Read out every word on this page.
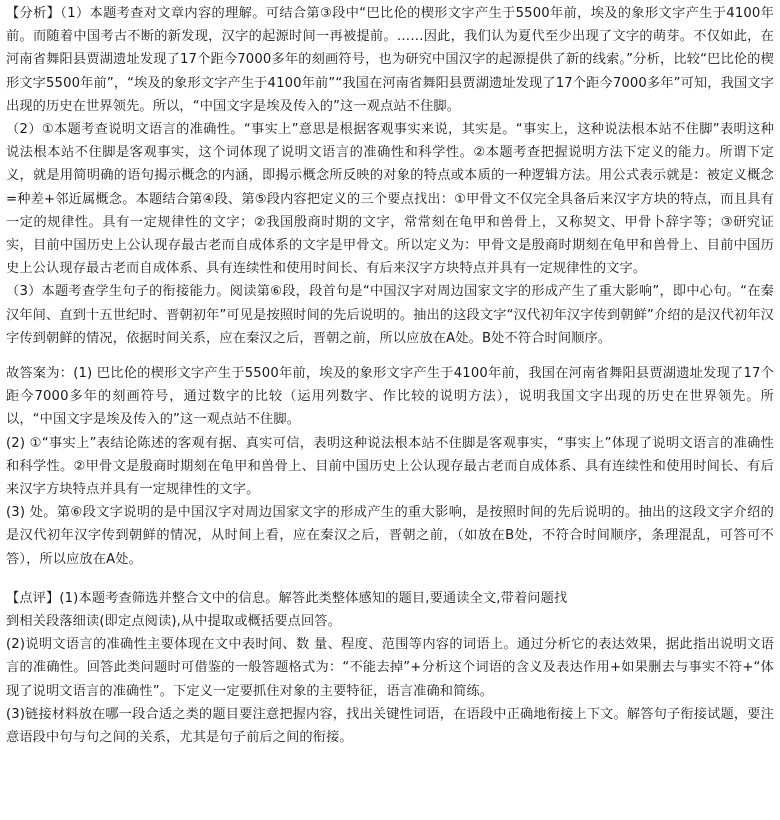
【分析】（1）本题考查对文章内容的理解。可结合第③段中“巴比伦的楔形文字产生于5500年前，埃及的象形文字产生于4100年前。而随着中国考古不断的新发现，汉字的起源时间一再被提前。……因此，我们认为夏代至少出现了文字的萌芽。不仅如此，在河南省舞阳县贾湖遗址发现了17个距今7000多年的刻画符号，也为研究中国汉字的起源提供了新的线索。”分析，比较“巴比伦的楔形文字5500年前”，“埃及的象形文字产生于4100年前”“我国在河南省舞阳县贾湖遗址发现了17个距今7000多年”可知，我国文字出现的历史在世界领先。所以，“中国文字是埃及传入的”这一观点站不住脚。

（2）①本题考查说明文语言的准确性。“事实上”意思是根据客观事实来说，其实是。“事实上，这种说法根本站不住脚”表明这种说法根本站不住脚是客观事实，这个词体现了说明文语言的准确性和科学性。②本题考查把握说明方法下定义的能力。所谓下定义，就是用简明确的语句揭示概念的内涵，即揭示概念所反映的对象的特点或本质的一种逻辑方法。用公式表示就是：被定义概念=种差+邻近属概念。本题结合第④段、第⑤段内容把定义的三个要点找出：①甲骨文不仅完全具备后来汉字方块的特点，而且具有一定的规律性。具有一定规律性的文字；②我国殷商时期的文字，常常刻在龟甲和兽骨上，又称契文、甲骨卜辞字等；③研究证实，目前中国历史上公认现存最古老而自成体系的文字是甲骨文。所以定义为：甲骨文是殷商时期刻在龟甲和兽骨上、目前中国历史上公认现存最古老而自成体系、具有连续性和使用时间长、有后来汉字方块特点并具有一定规律性的文字。

（3）本题考查学生句子的衔接能力。阅读第⑥段，段首句是“中国汉字对周边国家文字的形成产生了重大影响”，即中心句。“在秦汉年间、直到十五世纪时、晋朝初年”可见是按照时间的先后说明的。抽出的这段文字“汉代初年汉字传到朝鲜”介绍的是汉代初年汉字传到朝鲜的情况，依据时间关系，应在秦汉之后，晋朝之前，所以应放在A处。B处不符合时间顺序。

故答案为：(1) 巴比伦的楔形文字产生于5500年前，埃及的象形文字产生于4100年前，我国在河南省舞阳县贾湖遗址发现了17个距今7000多年的刻画符号，通过数字的比较（运用列数字、作比较的说明方法），说明我国文字出现的历史在世界领先。所以，“中国文字是埃及传入的”这一观点站不住脚。

(2) ①“事实上”表结论陈述的客观有据、真实可信，表明这种说法根本站不住脚是客观事实，“事实上”体现了说明文语言的准确性和科学性。②甲骨文是殷商时期刻在龟甲和兽骨上、目前中国历史上公认现存最古老而自成体系、具有连续性和使用时间长、有后来汉字方块特点并具有一定规律性的文字。

(3) 处。第⑥段文字说明的是中国汉字对周边国家文字的形成产生的重大影响，是按照时间的先后说明的。抽出的这段文字介绍的是汉代初年汉字传到朝鲜的情况，从时间上看，应在秦汉之后，晋朝之前，（如放在B处，不符合时间顺序，条理混乱，可答可不答），所以应放在A处。

【点评】(1)本题考查筛选并整合文中的信息。解答此类整体感知的题目,要通读全文,带着问题找

到相关段落细读(即定点阅读),从中提取或概括要点回答。

(2)说明文语言的准确性主要体现在文中表时间、数 量、程度、范围等内容的词语上。通过分析它的表达效果，据此指出说明文语言的准确性。回答此类问题时可借鉴的一般答题格式为：“不能去掉”+分析这个词语的含义及表达作用+如果删去与事实不符+“体现了说明文语言的准确性”。下定义一定要抓住对象的主要特征，语言准确和简练。

(3)链接材料放在哪一段合适之类的题目要注意把握内容，找出关键性词语，在语段中正确地衔接上下文。解答句子衔接试题，要注意语段中句与句之间的关系，尤其是句子前后之间的衔接。
